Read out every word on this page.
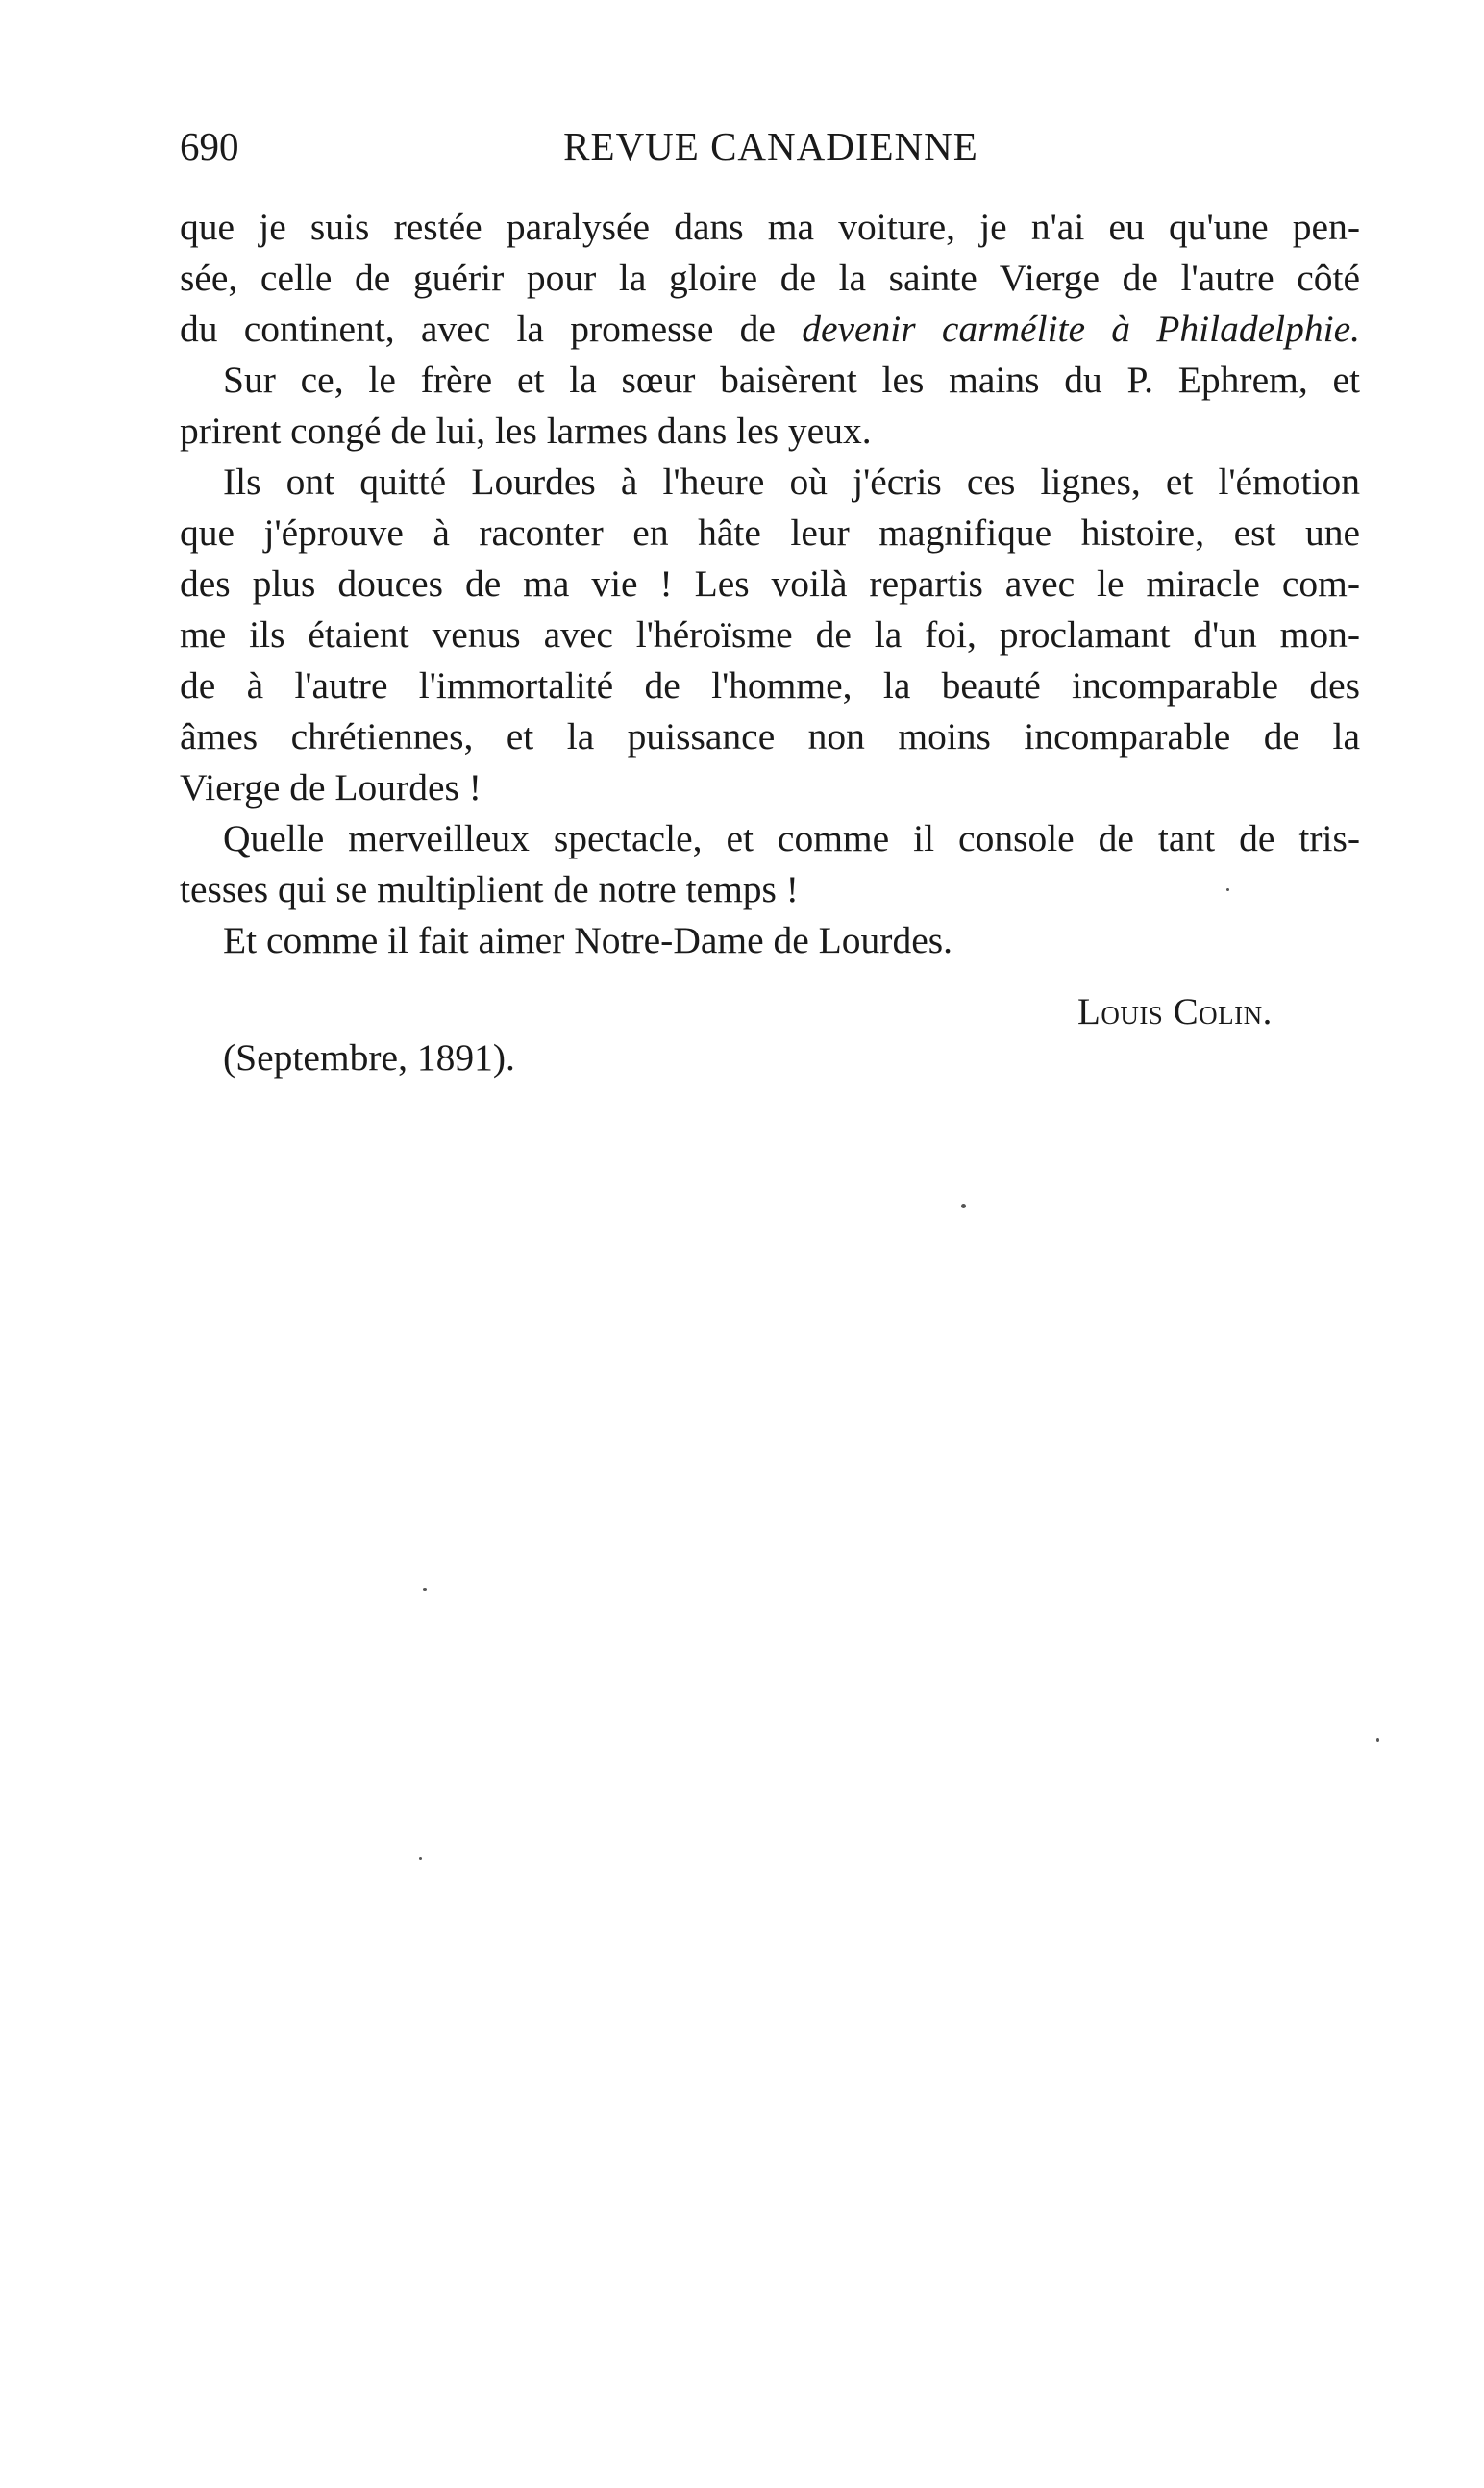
690	REVUE CANADIENNE
que je suis restée paralysée dans ma voiture, je n'ai eu qu'une pen-
sée, celle de guérir pour la gloire de la sainte Vierge de l'autre côté
du continent, avec la promesse de devenir carmélite à Philadelphie.
Sur ce, le frère et la sœur baisèrent les mains du P. Ephrem, et
prirent congé de lui, les larmes dans les yeux.
Ils ont quitté Lourdes à l'heure où j'écris ces lignes, et l'émotion
que j'éprouve à raconter en hâte leur magnifique histoire, est une
des plus douces de ma vie ! Les voilà repartis avec le miracle com-
me ils étaient venus avec l'héroïsme de la foi, proclamant d'un mon-
de à l'autre l'immortalité de l'homme, la beauté incomparable des
âmes chrétiennes, et la puissance non moins incomparable de la
Vierge de Lourdes !
Quelle merveilleux spectacle, et comme il console de tant de tris-
tesses qui se multiplient de notre temps !
Et comme il fait aimer Notre-Dame de Lourdes.
Louis Colin.
(Septembre, 1891).
